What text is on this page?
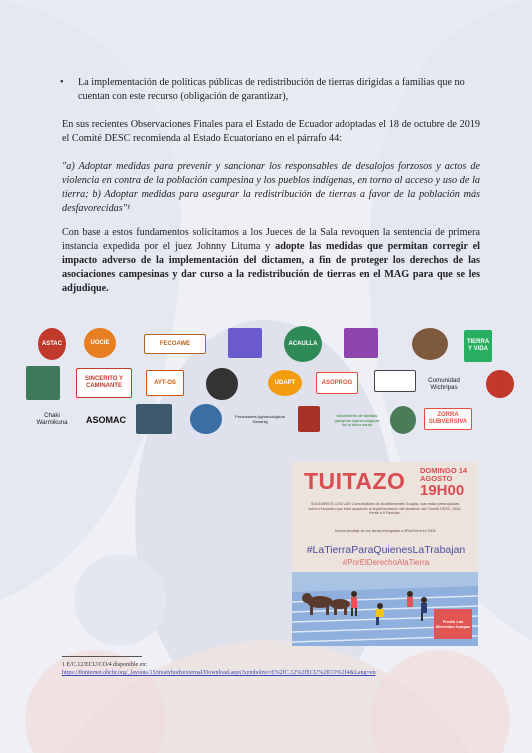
•	La implementación de políticas públicas de redistribución de tierras dirigidas a familias que no cuentan con este recurso (obligación de garantizar),

En sus recientes Observaciones Finales para el Estado de Ecuador adoptadas el 18 de octubre de 2019 el Comité DESC recomienda al Estado Ecuatoriano en el párrafo 44:

"a) Adoptar medidas para prevenir y sancionar los responsables de desalojos forzosos y actos de violencia en contra de la población campesina y los pueblos indígenas, en torno al acceso y uso de la tierra; b) Adoptar medidas para asegurar la redistribución de tierras a favor de la población más desfavorecidas"¹

Con base a estos fundamentos solicitamos a los Jueces de la Sala revoquen la sentencia de primera instancia expedida por el juez Johnny Lituma y adopte las medidas que permitan corregir el impacto adverso de la implementación del dictamen, a fin de proteger los derechos de las asociaciones campesinas y dar curso a la redistribución de tierras en el MAG para que se les adjudique.

ASTAC	UOCIE	FECOAWE	ACAULLA	TIERRA Y VIDA
SINCERITO Y CAMINANTE
AYT-OS	UDAPT	ASOPROG	Comunidad Wichripas
Chaki Warmikuna	ASOMAC	Productores Agroecológicos Sinsanig
Movimiento de familias granjeras Agroecológicas de la tierra santa
ZORRA SUBVERSIVA
TUITAZO DOMINGO 14 AGOSTO
19H00
SOLIDARIOS CON LAS Comunidades de #LasMercedes Guayas, que están preocupadas sobre el impacto que está causando la implementación del dictamen del Comité DESC, ONU, frente a 9 Familias.
Somos decalaje de sus tierras entregadas a #PlanTierra en 2008
#LaTierraParaQuienesLaTrabajan
#PorElDerechoAlaTierra
Predio Las Mercedes Guayas
1 E/C.12/ECU/CO/4 disponible en:
https://tbinternet.ohchr.org/_layouts/15/treatybodyexternal/Download.aspx?symbolno=E%2fC.12%2fECU%2fCO%2f4&Lang=en
